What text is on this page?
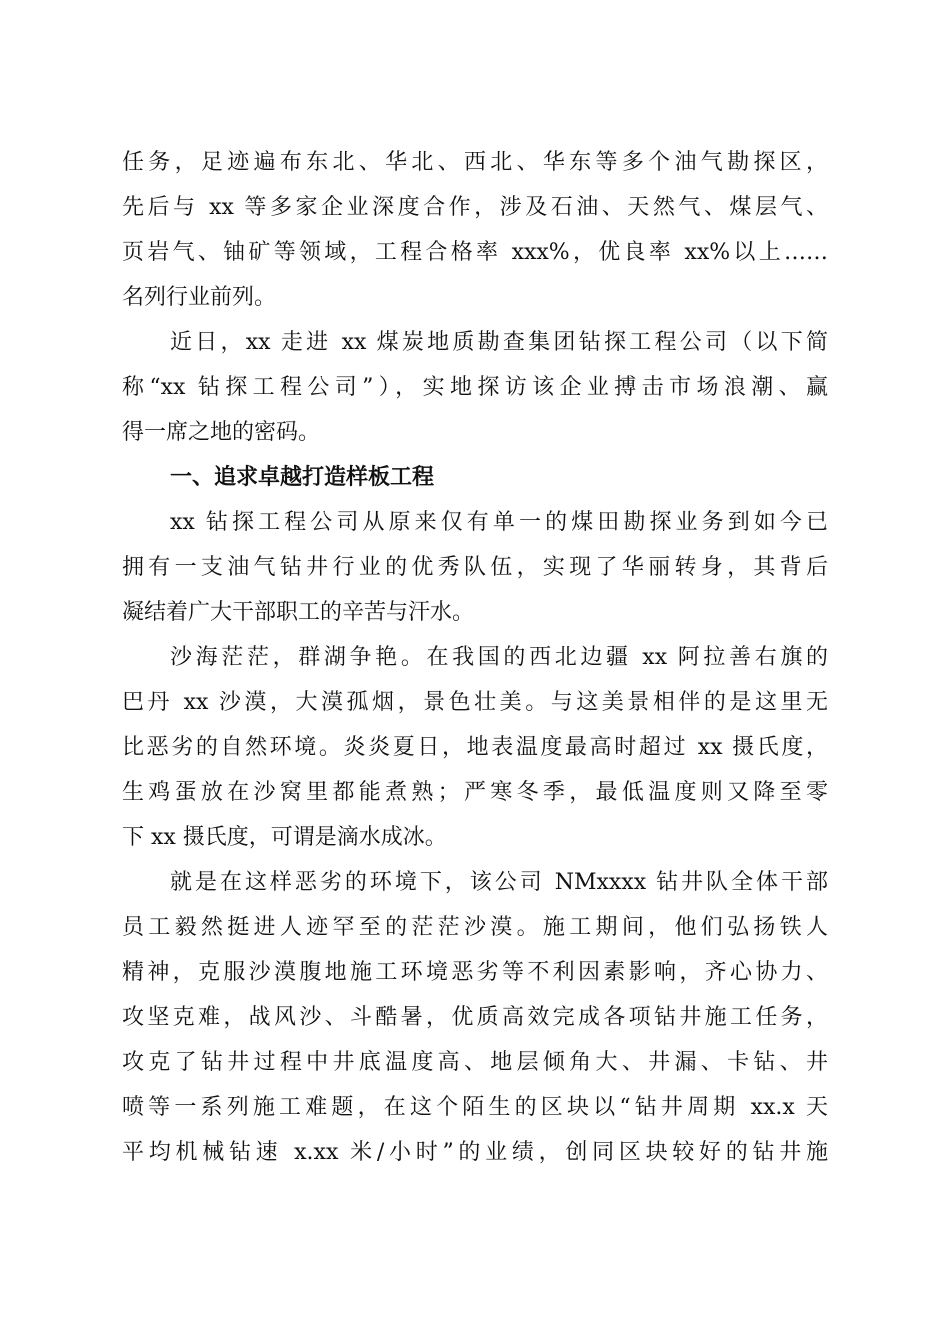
任务，足迹遍布东北、华北、西北、华东等多个油气勘探区，
先后与 xx 等多家企业深度合作，涉及石油、天然气、煤层气、
页岩气、铀矿等领域，工程合格率 xxx%，优良率 xx%以上……
名列行业前列。
近日，xx 走进 xx 煤炭地质勘查集团钻探工程公司（以下简
称“xx 钻探工程公司”），实地探访该企业搏击市场浪潮、赢
得一席之地的密码。
一、追求卓越打造样板工程
xx 钻探工程公司从原来仅有单一的煤田勘探业务到如今已
拥有一支油气钻井行业的优秀队伍，实现了华丽转身，其背后
凝结着广大干部职工的辛苦与汗水。
沙海茫茫，群湖争艳。在我国的西北边疆 xx 阿拉善右旗的
巴丹 xx 沙漠，大漠孤烟，景色壮美。与这美景相伴的是这里无
比恶劣的自然环境。炎炎夏日，地表温度最高时超过 xx 摄氏度，
生鸡蛋放在沙窝里都能煮熟；严寒冬季，最低温度则又降至零
下 xx 摄氏度，可谓是滴水成冰。
就是在这样恶劣的环境下，该公司 NMxxxx 钻井队全体干部
员工毅然挺进人迹罕至的茫茫沙漠。施工期间，他们弘扬铁人
精神，克服沙漠腹地施工环境恶劣等不利因素影响，齐心协力、
攻坚克难，战风沙、斗酷暑，优质高效完成各项钻井施工任务，
攻克了钻井过程中井底温度高、地层倾角大、井漏、卡钻、井
喷等一系列施工难题，在这个陌生的区块以“钻井周期 xx.x 天
平均机械钻速 x.xx 米/小时”的业绩，创同区块较好的钻井施
